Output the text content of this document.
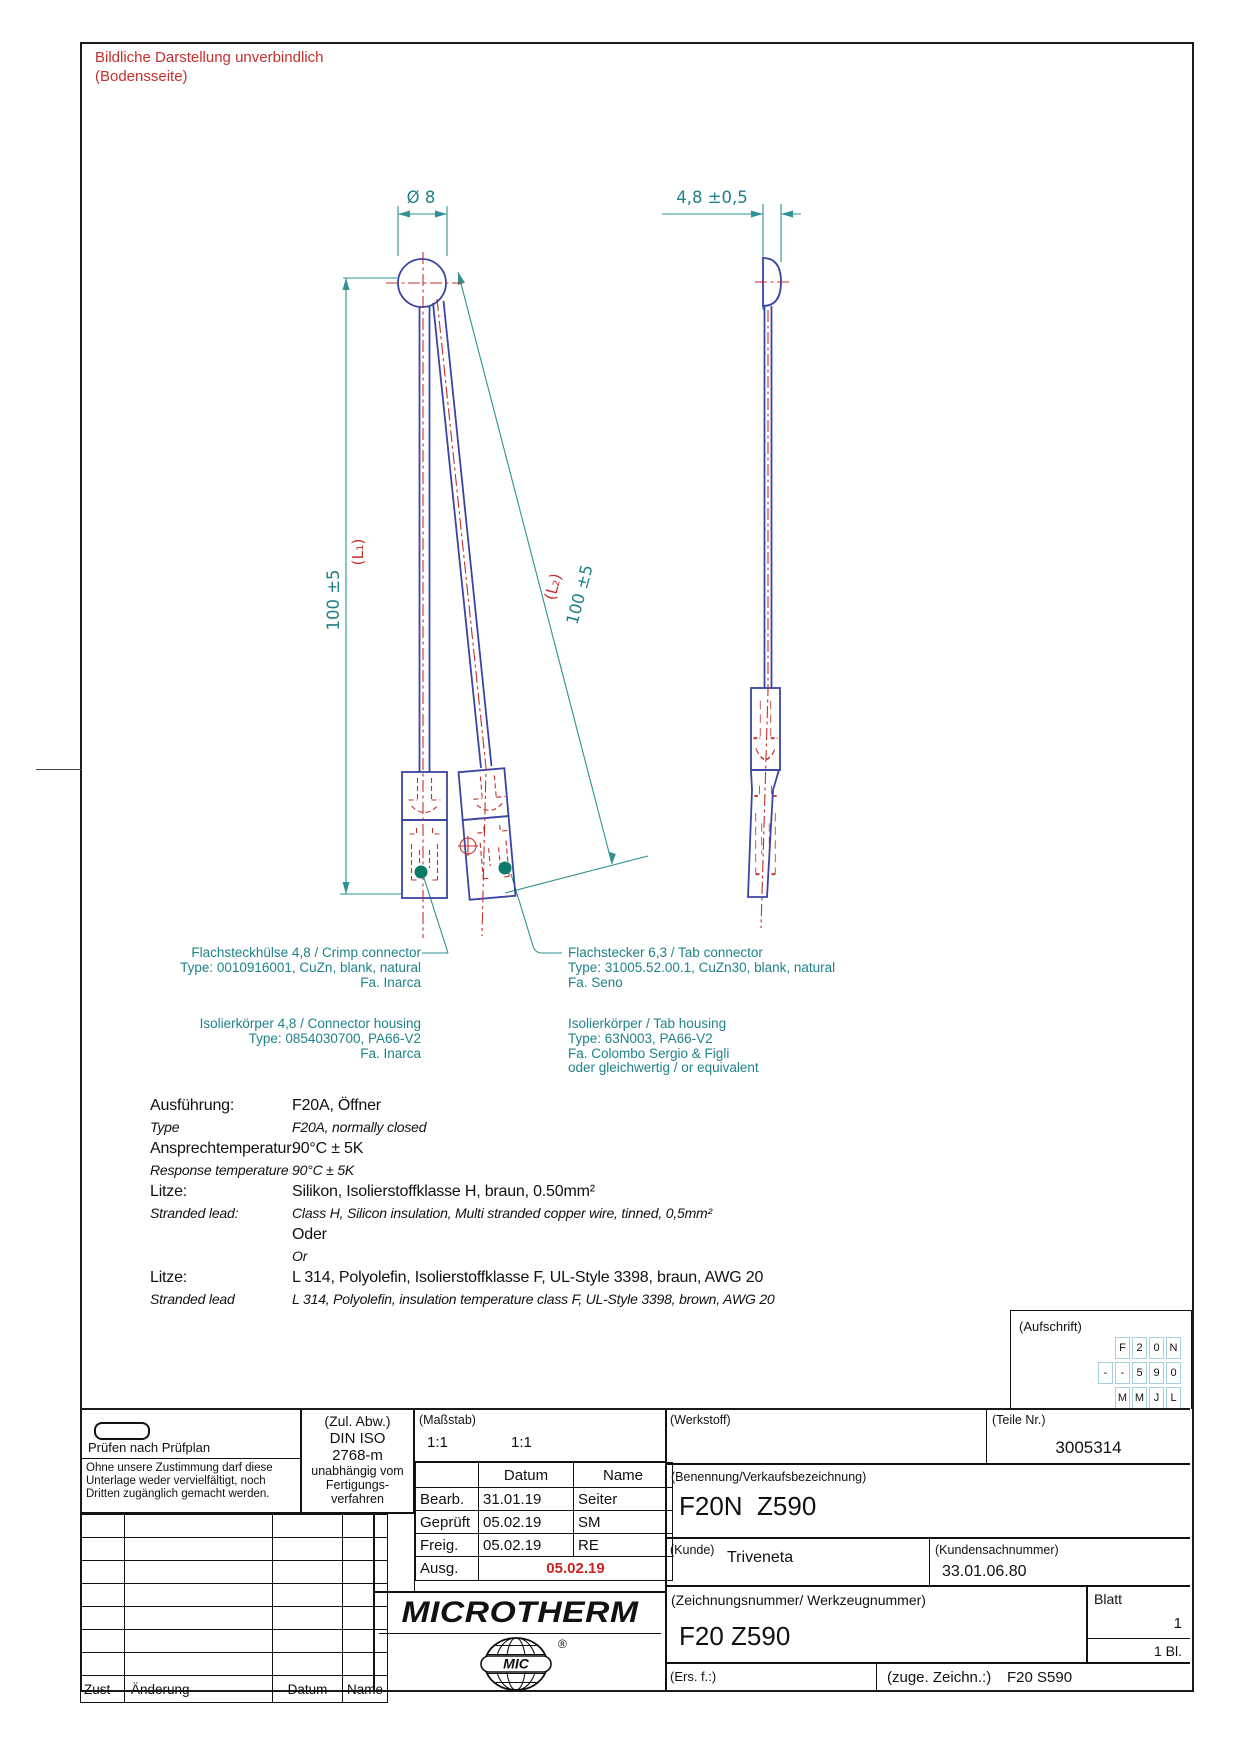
Bildliche Darstellung unverbindlich
(Bodensseite)
Ø 8	4,8 ±0,5
100 ±5
(L₁)
100 ±5
(L₂)
Flachsteckhülse 4,8 / Crimp connector
Type: 0010916001, CuZn, blank, natural
Fa. Inarca
Isolierkörper 4,8 / Connector housing
Type: 0854030700, PA66-V2
Fa. Inarca
Flachstecker 6,3 / Tab connector
Type: 31005.52.00.1, CuZn30, blank, natural
Fa. Seno
Isolierkörper / Tab housing
Type: 63N003, PA66-V2
Fa. Colombo Sergio & Figli
oder gleichwertig / or equivalent
Ausführung:	F20A, Öffner
Type	F20A, normally closed
Ansprechtemperatur:
90°C ± 5K
Response temperature 90°C ± 5K
Litze:	Silikon, Isolierstoffklasse H, braun, 0.50mm²
Stranded lead:	Class H, Silicon insulation, Multi stranded copper wire, tinned, 0,5mm²
Oder
Or
Litze:	L 314, Polyolefin, Isolierstoffklasse F, UL-Style 3398, braun, AWG 20
Stranded lead	L 314, Polyolefin, insulation temperature class F, UL-Style 3398, brown, AWG 20
(Aufschrift)
F 2 0 N
-	-	5 9 0
M M J	L
Prüfen nach Prüfplan
Ohne unsere Zustimmung darf diese Unterlage weder vervielfältigt, noch Dritten zugänglich gemacht werden.
(Zul. Abw.)
DIN ISO
2768-m
unabhängig vom
Fertigungs-
verfahren

Zust	Änderung	Datum	Name
(Maßstab)
1:1	1:1
	Datum	Name
Bearb.	31.01.19	Seiter
Geprüft	05.02.19	SM
Freig.	05.02.19	RE
Ausg.	05.02.19	
MICROTHERM
MIC
®
(Werkstoff)	(Teile Nr.)
3005314
(Benennung/Verkaufsbezeichnung)
F20N  Z590
(Kunde) Triveneta	(Kundensachnummer)
33.01.06.80
(Zeichnungsnummer/ Werkzeugnummer)
F20 Z590
Blatt
1
1 Bl.
(Ers. f.:)	(zuge. Zeichn.:) F20 S590
